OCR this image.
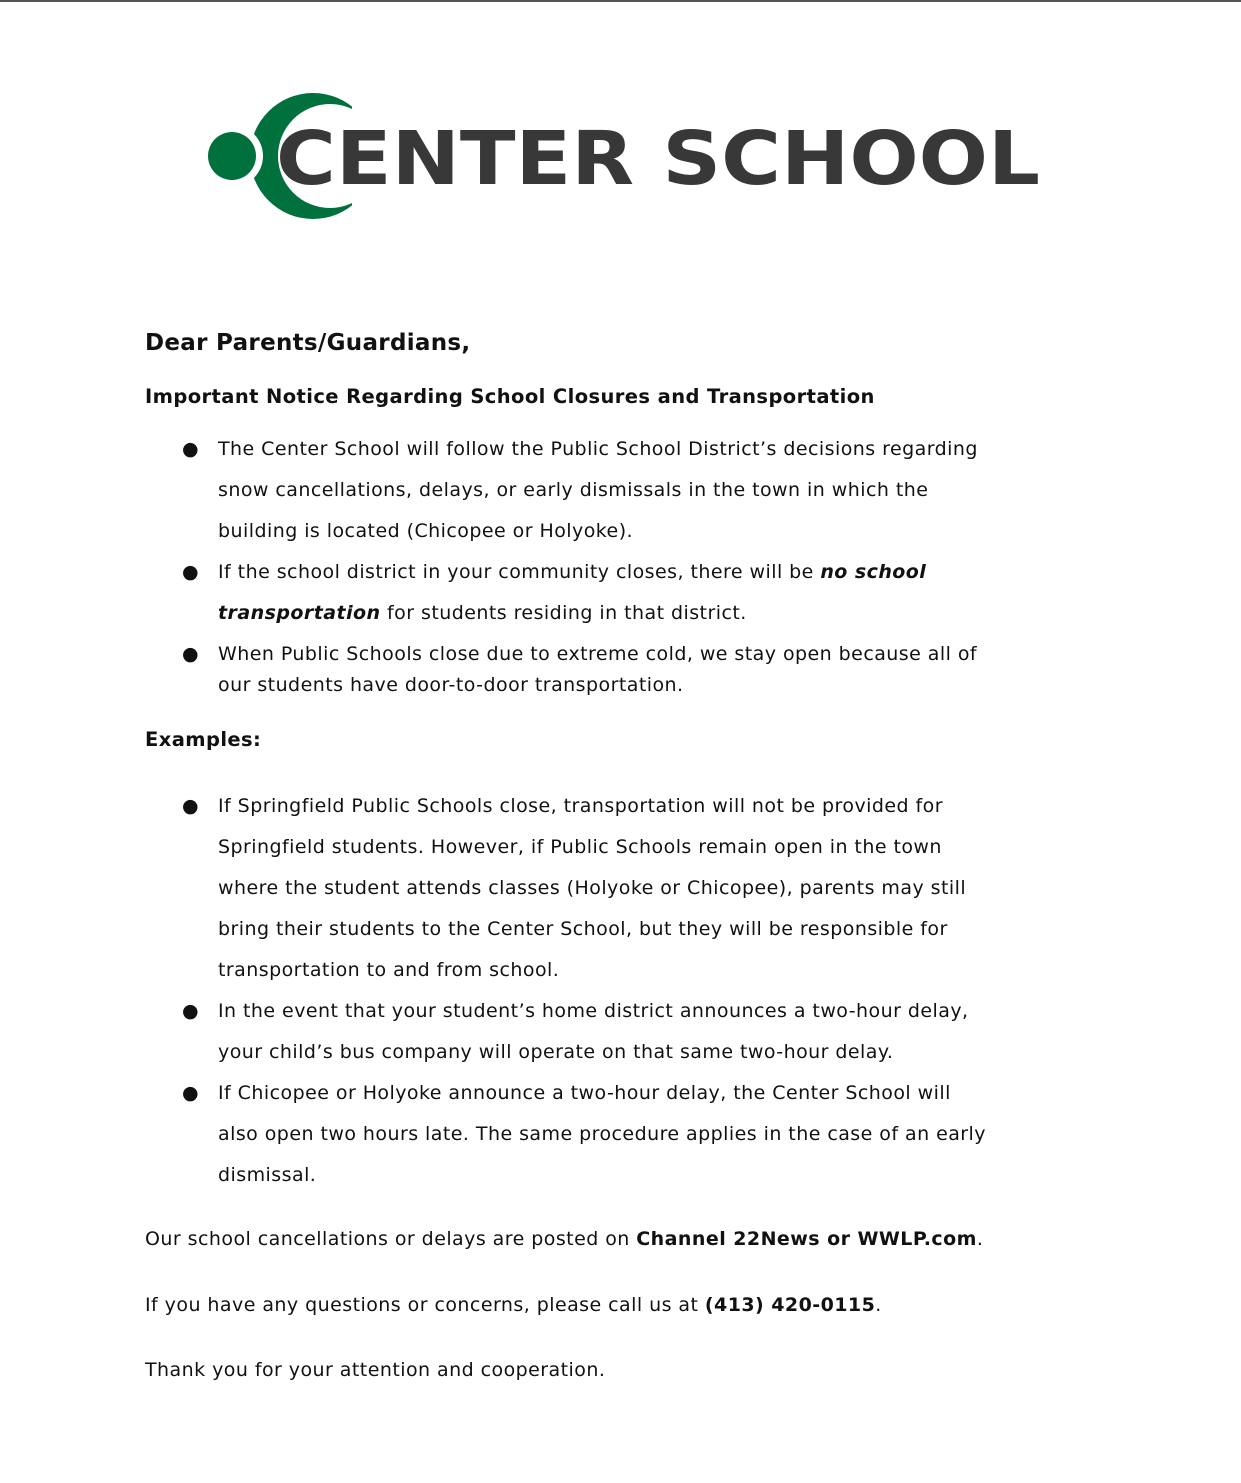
CENTER SCHOOL
Dear Parents/Guardians,
Important Notice Regarding School Closures and Transportation
● The Center School will follow the Public School District’s decisions regarding
snow cancellations, delays, or early dismissals in the town in which the
building is located (Chicopee or Holyoke).
● If the school district in your community closes, there will be no school
transportation for students residing in that district.
● When Public Schools close due to extreme cold, we stay open because all of
our students have door-to-door transportation.
Examples:
● If Springfield Public Schools close, transportation will not be provided for
Springfield students. However, if Public Schools remain open in the town
where the student attends classes (Holyoke or Chicopee), parents may still
bring their students to the Center School, but they will be responsible for
transportation to and from school.
● In the event that your student’s home district announces a two-hour delay,
your child’s bus company will operate on that same two-hour delay.
● If Chicopee or Holyoke announce a two-hour delay, the Center School will
also open two hours late. The same procedure applies in the case of an early
dismissal.
Our school cancellations or delays are posted on Channel 22News or WWLP.com.
If you have any questions or concerns, please call us at (413) 420-0115.
Thank you for your attention and cooperation.
